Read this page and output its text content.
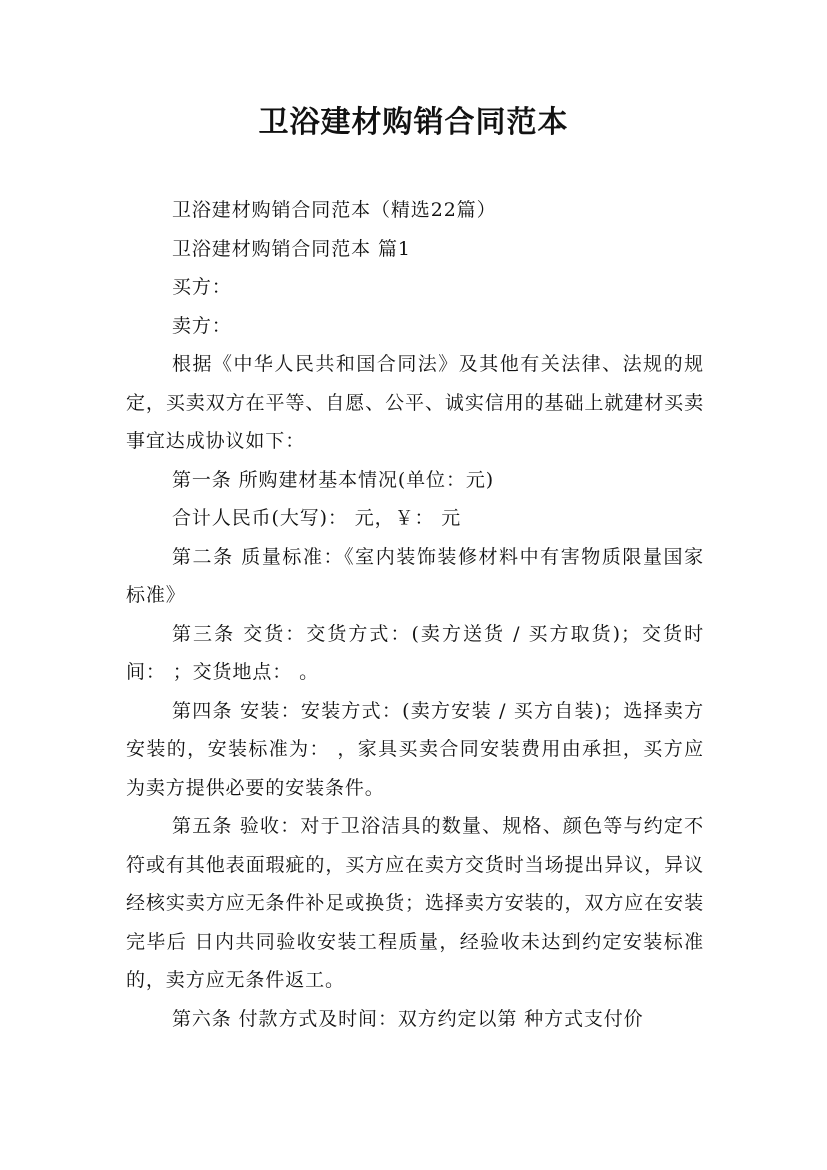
卫浴建材购销合同范本

卫浴建材购销合同范本（精选22篇）

卫浴建材购销合同范本 篇1

买方：

卖方：

根据《中华人民共和国合同法》及其他有关法律、法规的规定，买卖双方在平等、自愿、公平、诚实信用的基础上就建材买卖事宜达成协议如下：

第一条 所购建材基本情况(单位：元)

合计人民币(大写)： 元，￥： 元

第二条 质量标准：《室内装饰装修材料中有害物质限量国家标准》

第三条 交货：交货方式：(卖方送货 / 买方取货)；交货时间： ；交货地点： 。

第四条 安装：安装方式：(卖方安装 / 买方自装)；选择卖方安装的，安装标准为： ，家具买卖合同安装费用由承担，买方应为卖方提供必要的安装条件。

第五条 验收：对于卫浴洁具的数量、规格、颜色等与约定不符或有其他表面瑕疵的，买方应在卖方交货时当场提出异议，异议经核实卖方应无条件补足或换货；选择卖方安装的，双方应在安装完毕后 日内共同验收安装工程质量，经验收未达到约定安装标准的，卖方应无条件返工。

第六条 付款方式及时间：双方约定以第 种方式支付价
